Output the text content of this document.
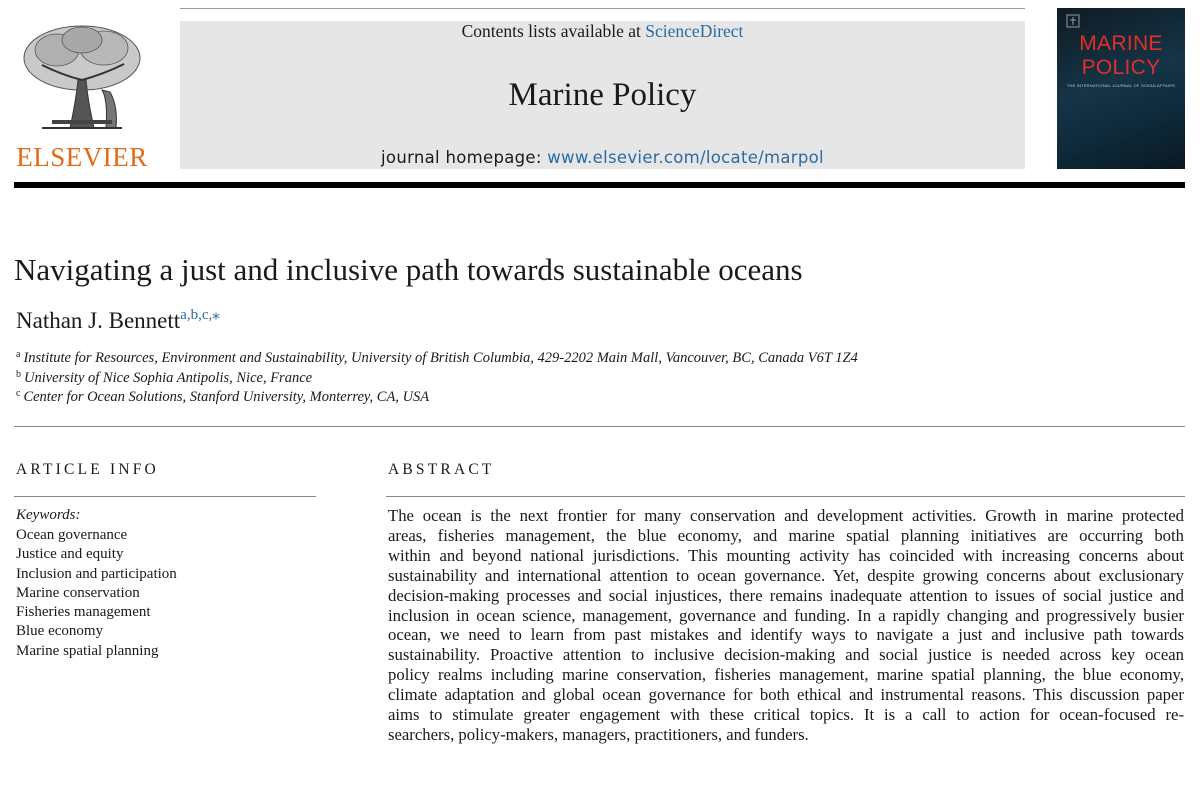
ELSEVIER
Contents lists available at ScienceDirect
Marine Policy
journal homepage: www.elsevier.com/locate/marpol
MARINE
POLICY
THE INTERNATIONAL JOURNAL OF OCEAN AFFAIRS
Navigating a just and inclusive path towards sustainable oceans
Nathan J. Bennett$^{a,b,c,⁎}$
$^a$ Institute for Resources, Environment and Sustainability, University of British Columbia, 429-2202 Main Mall, Vancouver, BC, Canada V6T 1Z4
$^b$ University of Nice Sophia Antipolis, Nice, France
$^c$ Center for Ocean Solutions, Stanford University, Monterrey, CA, USA
ARTICLE INFO
Keywords:
Ocean governance
Justice and equity
Inclusion and participation
Marine conservation
Fisheries management
Blue economy
Marine spatial planning
ABSTRACT
The ocean is the next frontier for many conservation and development activities. Growth in marine protected
areas, fisheries management, the blue economy, and marine spatial planning initiatives are occurring both
within and beyond national jurisdictions. This mounting activity has coincided with increasing concerns about
sustainability and international attention to ocean governance. Yet, despite growing concerns about exclusionary
decision-making processes and social injustices, there remains inadequate attention to issues of social justice and
inclusion in ocean science, management, governance and funding. In a rapidly changing and progressively busier
ocean, we need to learn from past mistakes and identify ways to navigate a just and inclusive path towards
sustainability. Proactive attention to inclusive decision-making and social justice is needed across key ocean
policy realms including marine conservation, fisheries management, marine spatial planning, the blue economy,
climate adaptation and global ocean governance for both ethical and instrumental reasons. This discussion paper
aims to stimulate greater engagement with these critical topics. It is a call to action for ocean-focused re-
searchers, policy-makers, managers, practitioners, and funders.
